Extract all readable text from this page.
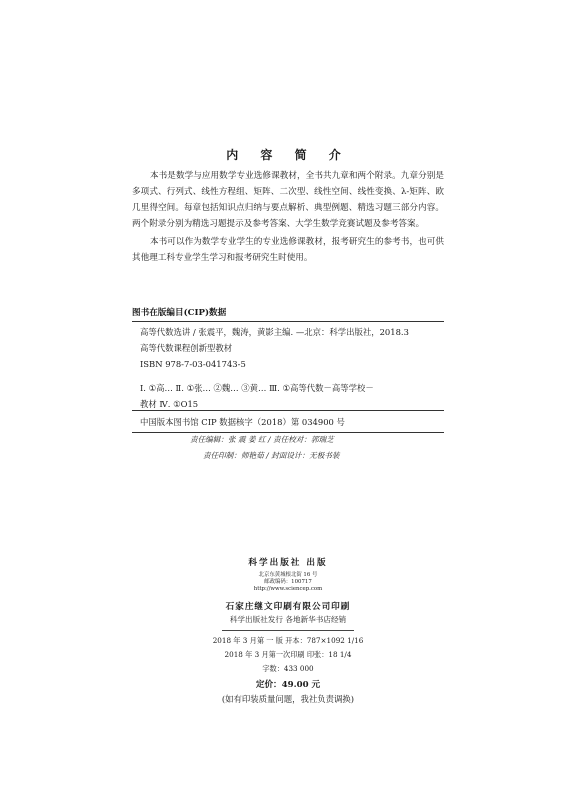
内 容 简 介

本书是数学与应用数学专业选修课教材，全书共九章和两个附录。九章分别是多项式、行列式、线性方程组、矩阵、二次型、线性空间、线性变换、λ-矩阵、欧几里得空间。每章包括知识点归纳与要点解析、典型例题、精选习题三部分内容。两个附录分别为精选习题提示及参考答案、大学生数学竞赛试题及参考答案。

本书可以作为数学专业学生的专业选修课教材，报考研究生的参考书，也可供其他理工科专业学生学习和报考研究生时使用。

图书在版编目(CIP)数据
高等代数选讲 / 张震平，魏涛，黄影主编. —北京：科学出版社，2018.3
高等代数课程创新型教材
ISBN 978-7-03-041743-5
Ⅰ. ①高… Ⅱ. ①张… ②魏… ③黄… Ⅲ. ①高等代数－高等学校－
教材 Ⅳ. ①O15
中国版本图书馆 CIP 数据核字（2018）第 034900 号
责任编辑：张 震 姜 红 / 责任校对：郭瑞芝
责任印制：师艳茹 / 封面设计：无极书装
科学出版社 出版
北京东黄城根北街 16 号
邮政编码：100717
http://www.sciencep.com
石家庄继文印刷有限公司印刷
科学出版社发行 各地新华书店经销
2018 年 3 月第 一 版 开本：787×1092 1/16
2018 年 3 月第一次印刷 印张：18 1/4
字数：433 000
定价：49.00 元
(如有印装质量问题，我社负责调换)
